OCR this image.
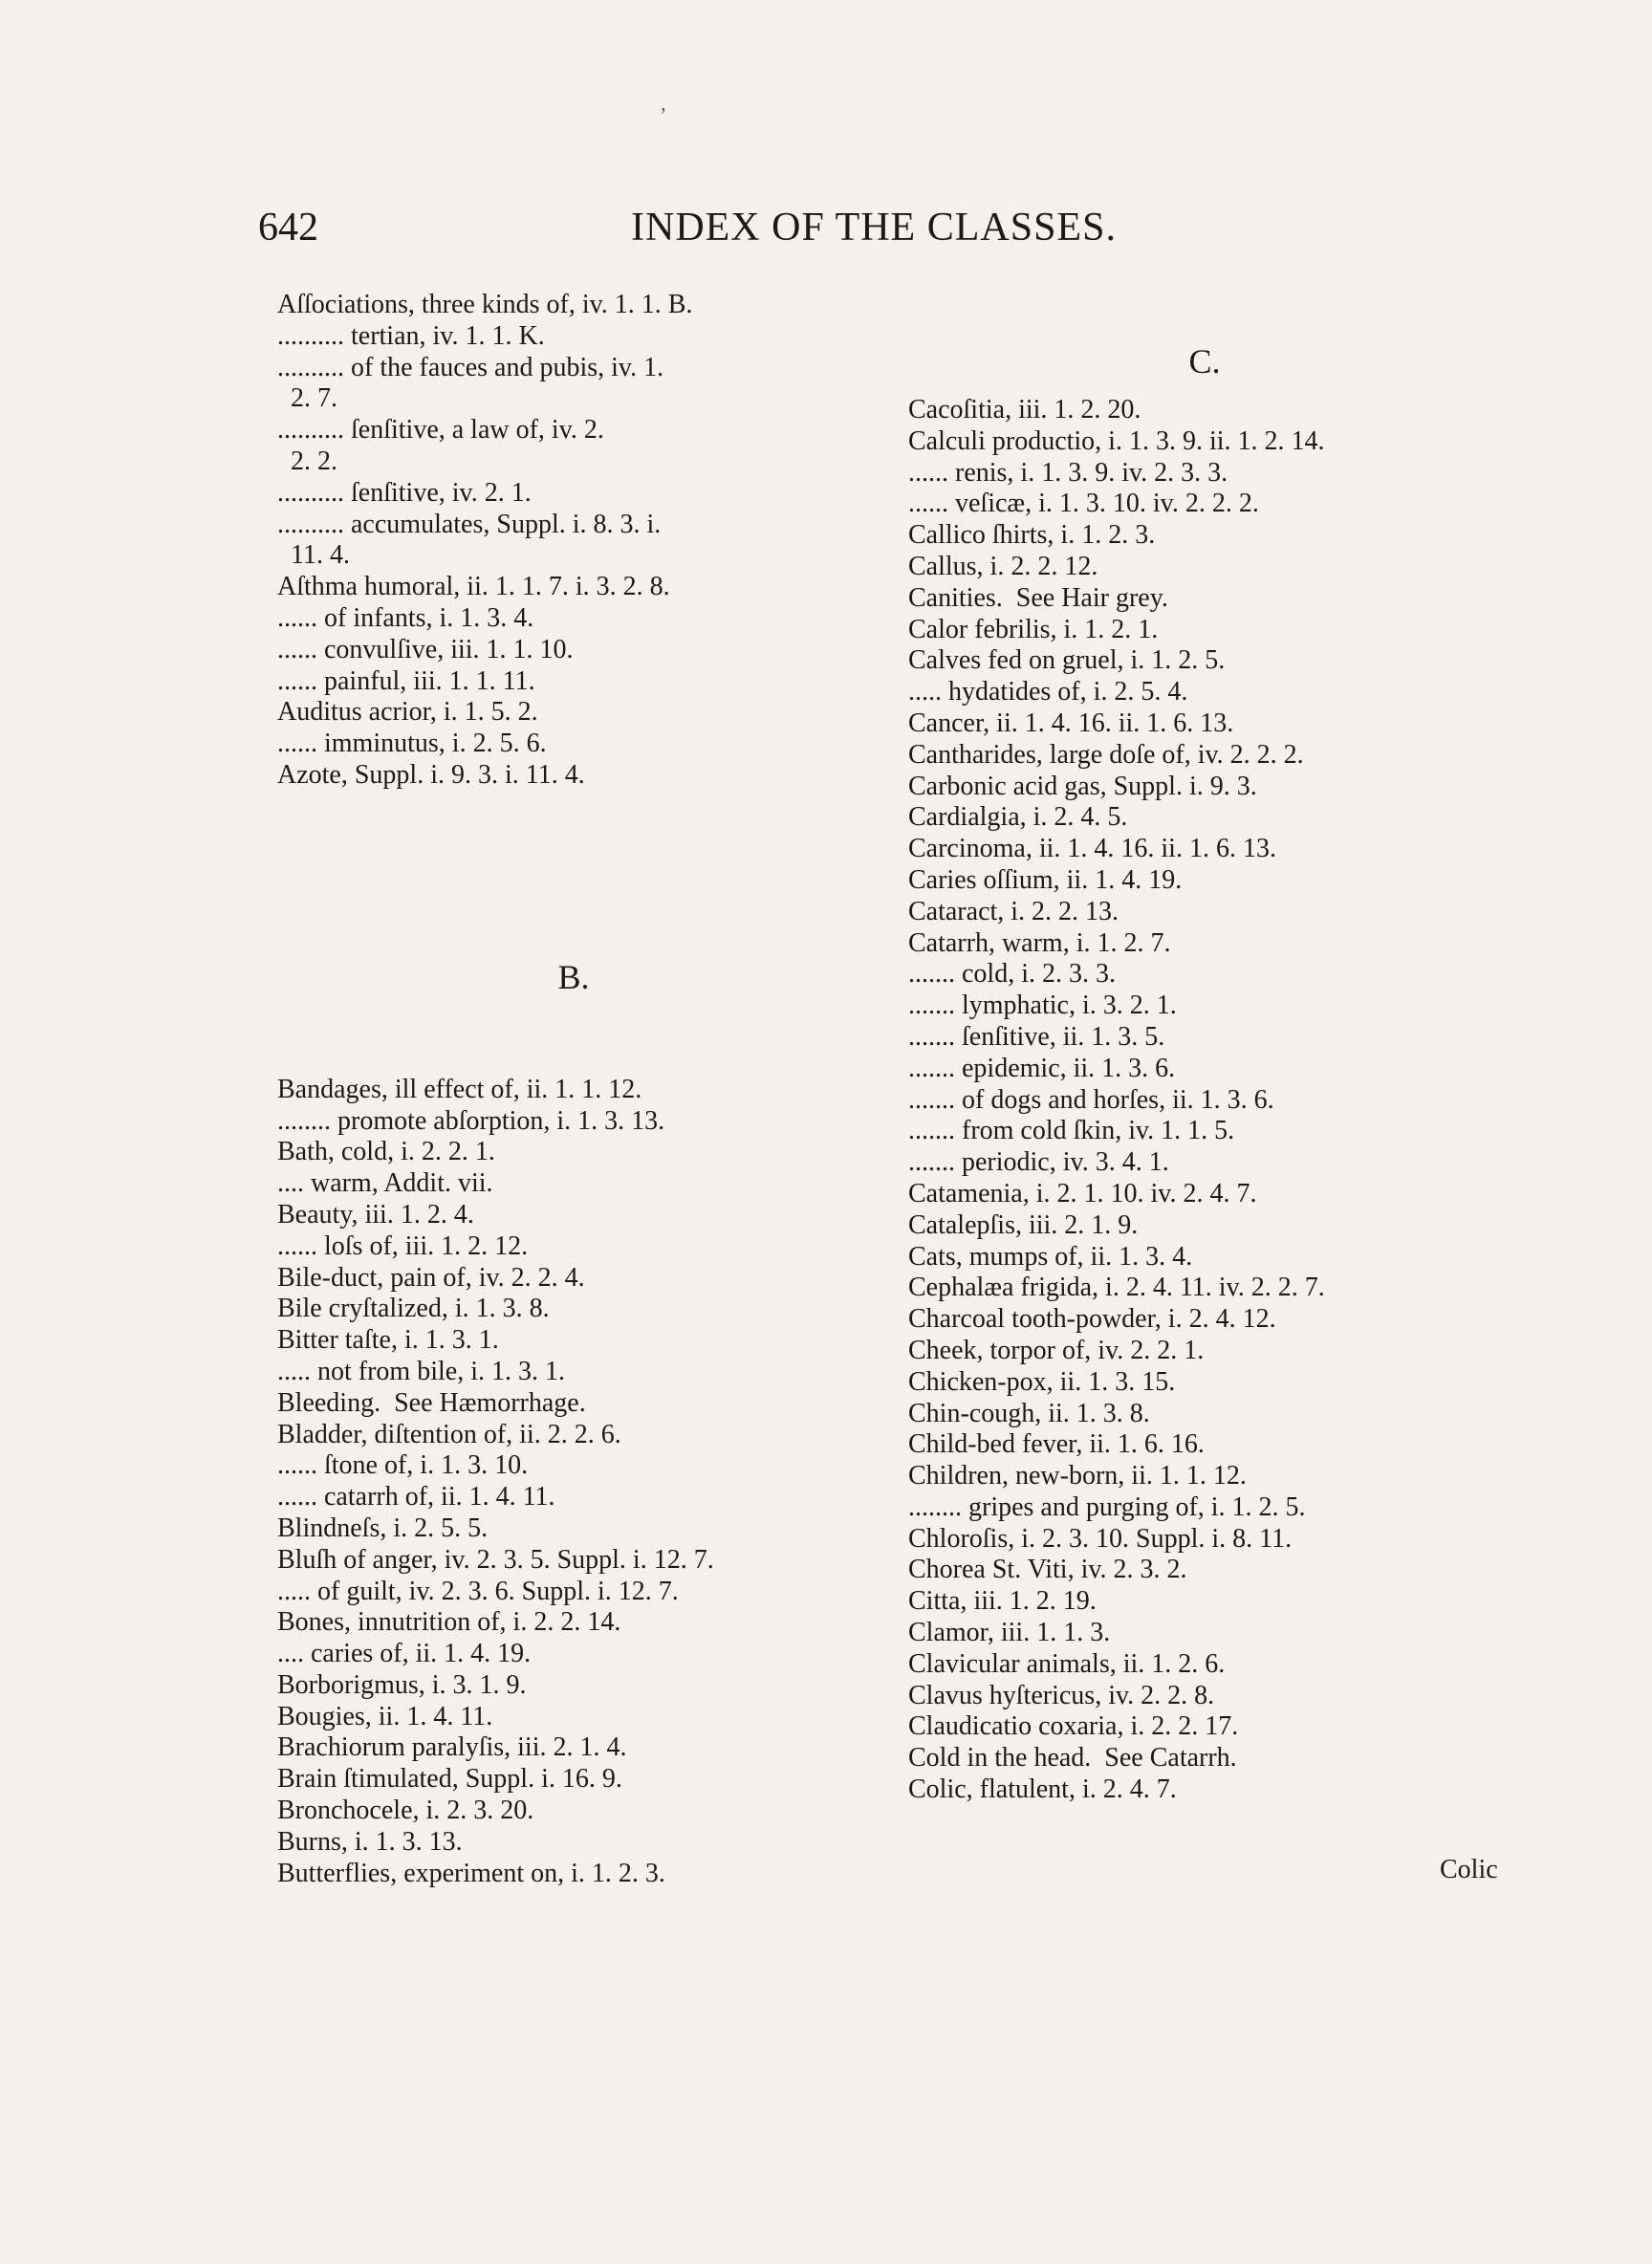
642	INDEX OF THE CLASSES.
ʼ

Aſſociations, three kinds of, iv. 1. 1. B.

.......... tertian, iv. 1. 1. K.

.......... of the fauces and pubis, iv. 1.

2. 7.

.......... ſenſitive, a law of, iv. 2.

2. 2.

.......... ſenſitive, iv. 2. 1.

.......... accumulates, Suppl. i. 8. 3. i.

11. 4.

Aſthma humoral, ii. 1. 1. 7. i. 3. 2. 8.

...... of infants, i. 1. 3. 4.

...... convulſive, iii. 1. 1. 10.

...... painful, iii. 1. 1. 11.

Auditus acrior, i. 1. 5. 2.

...... imminutus, i. 2. 5. 6.

Azote, Suppl. i. 9. 3. i. 11. 4.

B.

Bandages, ill effect of, ii. 1. 1. 12.

........ promote abſorption, i. 1. 3. 13.

Bath, cold, i. 2. 2. 1.

.... warm, Addit. vii.

Beauty, iii. 1. 2. 4.

...... loſs of, iii. 1. 2. 12.

Bile-duct, pain of, iv. 2. 2. 4.

Bile cryſtalized, i. 1. 3. 8.

Bitter taſte, i. 1. 3. 1.

..... not from bile, i. 1. 3. 1.

Bleeding.  See Hæmorrhage.

Bladder, diſtention of, ii. 2. 2. 6.

...... ſtone of, i. 1. 3. 10.

...... catarrh of, ii. 1. 4. 11.

Blindneſs, i. 2. 5. 5.

Bluſh of anger, iv. 2. 3. 5. Suppl. i. 12. 7.

..... of guilt, iv. 2. 3. 6. Suppl. i. 12. 7.

Bones, innutrition of, i. 2. 2. 14.

.... caries of, ii. 1. 4. 19.

Borborigmus, i. 3. 1. 9.

Bougies, ii. 1. 4. 11.

Brachiorum paralyſis, iii. 2. 1. 4.

Brain ſtimulated, Suppl. i. 16. 9.

Bronchocele, i. 2. 3. 20.

Burns, i. 1. 3. 13.

Butterflies, experiment on, i. 1. 2. 3.

C.

Cacoſitia, iii. 1. 2. 20.

Calculi productio, i. 1. 3. 9. ii. 1. 2. 14.

...... renis, i. 1. 3. 9. iv. 2. 3. 3.

...... veſicæ, i. 1. 3. 10. iv. 2. 2. 2.

Callico ſhirts, i. 1. 2. 3.

Callus, i. 2. 2. 12.

Canities.  See Hair grey.

Calor febrilis, i. 1. 2. 1.

Calves fed on gruel, i. 1. 2. 5.

..... hydatides of, i. 2. 5. 4.

Cancer, ii. 1. 4. 16. ii. 1. 6. 13.

Cantharides, large doſe of, iv. 2. 2. 2.

Carbonic acid gas, Suppl. i. 9. 3.

Cardialgia, i. 2. 4. 5.

Carcinoma, ii. 1. 4. 16. ii. 1. 6. 13.

Caries oſſium, ii. 1. 4. 19.

Cataract, i. 2. 2. 13.

Catarrh, warm, i. 1. 2. 7.

....... cold, i. 2. 3. 3.

....... lymphatic, i. 3. 2. 1.

....... ſenſitive, ii. 1. 3. 5.

....... epidemic, ii. 1. 3. 6.

....... of dogs and horſes, ii. 1. 3. 6.

....... from cold ſkin, iv. 1. 1. 5.

....... periodic, iv. 3. 4. 1.

Catamenia, i. 2. 1. 10. iv. 2. 4. 7.

Catalepſis, iii. 2. 1. 9.

Cats, mumps of, ii. 1. 3. 4.

Cephalæa frigida, i. 2. 4. 11. iv. 2. 2. 7.

Charcoal tooth-powder, i. 2. 4. 12.

Cheek, torpor of, iv. 2. 2. 1.

Chicken-pox, ii. 1. 3. 15.

Chin-cough, ii. 1. 3. 8.

Child-bed fever, ii. 1. 6. 16.

Children, new-born, ii. 1. 1. 12.

........ gripes and purging of, i. 1. 2. 5.

Chloroſis, i. 2. 3. 10. Suppl. i. 8. 11.

Chorea St. Viti, iv. 2. 3. 2.

Citta, iii. 1. 2. 19.

Clamor, iii. 1. 1. 3.

Clavicular animals, ii. 1. 2. 6.

Clavus hyſtericus, iv. 2. 2. 8.

Claudicatio coxaria, i. 2. 2. 17.

Cold in the head.  See Catarrh.

Colic, flatulent, i. 2. 4. 7.

Colic
